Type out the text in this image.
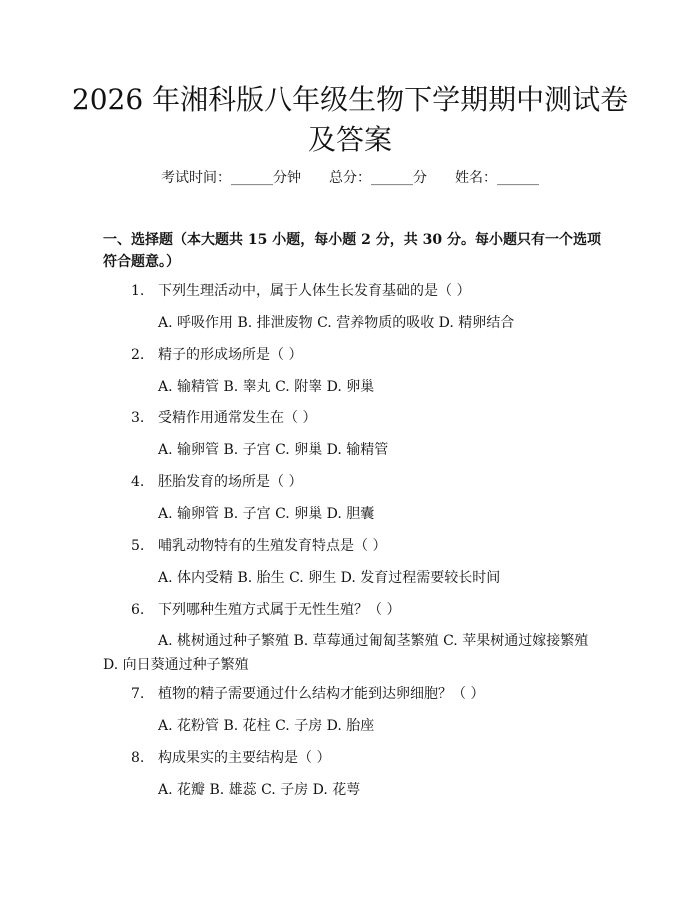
2026 年湘科版八年级生物下学期期中测试卷
及答案
考试时间：______分钟　　总分：______分　　姓名：______
一、选择题（本大题共 15 小题，每小题 2 分，共 30 分。每小题只有一个选项符合题意。）
1. 下列生理活动中，属于人体生长发育基础的是（ ）
A. 呼吸作用 B. 排泄废物 C. 营养物质的吸收 D. 精卵结合
2. 精子的形成场所是（ ）
A. 输精管 B. 睾丸 C. 附睾 D. 卵巢
3. 受精作用通常发生在（ ）
A. 输卵管 B. 子宫 C. 卵巢 D. 输精管
4. 胚胎发育的场所是（ ）
A. 输卵管 B. 子宫 C. 卵巢 D. 胆囊
5. 哺乳动物特有的生殖发育特点是（ ）
A. 体内受精 B. 胎生 C. 卵生 D. 发育过程需要较长时间
6. 下列哪种生殖方式属于无性生殖？（ ）
A. 桃树通过种子繁殖 B. 草莓通过匍匐茎繁殖 C. 苹果树通过嫁接繁殖 D. 向日葵通过种子繁殖
7. 植物的精子需要通过什么结构才能到达卵细胞？（ ）
A. 花粉管 B. 花柱 C. 子房 D. 胎座
8. 构成果实的主要结构是（ ）
A. 花瓣 B. 雄蕊 C. 子房 D. 花萼
